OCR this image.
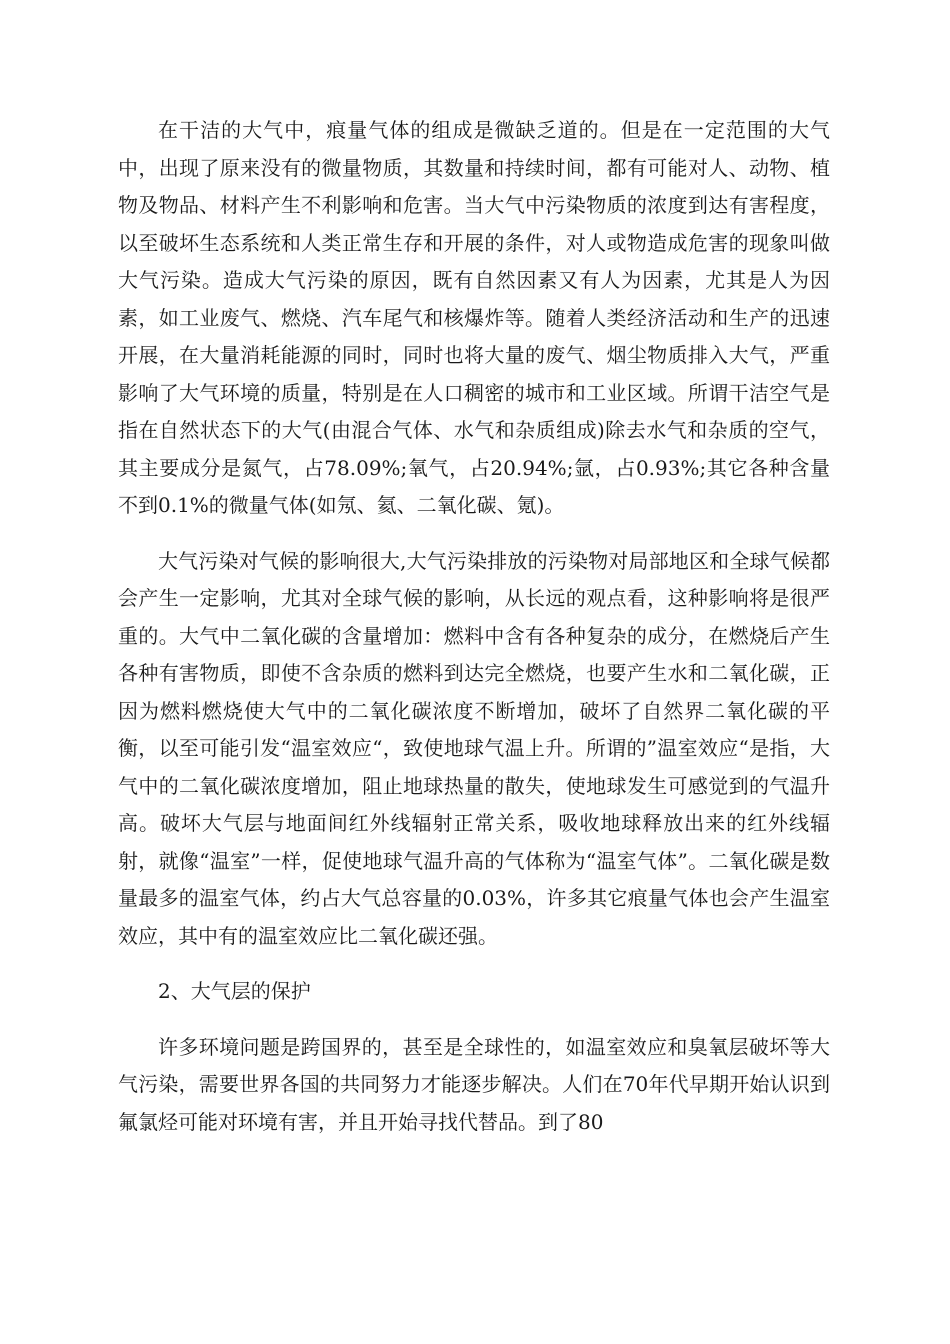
在干洁的大气中，痕量气体的组成是微缺乏道的。但是在一定范围的大气中，出现了原来没有的微量物质，其数量和持续时间，都有可能对人、动物、植物及物品、材料产生不利影响和危害。当大气中污染物质的浓度到达有害程度，以至破坏生态系统和人类正常生存和开展的条件，对人或物造成危害的现象叫做大气污染。造成大气污染的原因，既有自然因素又有人为因素，尤其是人为因素，如工业废气、燃烧、汽车尾气和核爆炸等。随着人类经济活动和生产的迅速开展，在大量消耗能源的同时，同时也将大量的废气、烟尘物质排入大气，严重影响了大气环境的质量，特别是在人口稠密的城市和工业区域。所谓干洁空气是指在自然状态下的大气(由混合气体、水气和杂质组成)除去水气和杂质的空气，其主要成分是氮气，占78.09%;氧气，占20.94%;氩，占0.93%;其它各种含量不到0.1%的微量气体(如氖、氦、二氧化碳、氪)。

大气污染对气候的影响很大,大气污染排放的污染物对局部地区和全球气候都会产生一定影响，尤其对全球气候的影响，从长远的观点看，这种影响将是很严重的。大气中二氧化碳的含量增加：燃料中含有各种复杂的成分，在燃烧后产生各种有害物质，即使不含杂质的燃料到达完全燃烧，也要产生水和二氧化碳，正因为燃料燃烧使大气中的二氧化碳浓度不断增加，破坏了自然界二氧化碳的平衡，以至可能引发“温室效应“，致使地球气温上升。所谓的”温室效应“是指，大气中的二氧化碳浓度增加，阻止地球热量的散失，使地球发生可感觉到的气温升高。破坏大气层与地面间红外线辐射正常关系，吸收地球释放出来的红外线辐射，就像“温室”一样，促使地球气温升高的气体称为“温室气体”。二氧化碳是数量最多的温室气体，约占大气总容量的0.03%，许多其它痕量气体也会产生温室效应，其中有的温室效应比二氧化碳还强。

2、大气层的保护

许多环境问题是跨国界的，甚至是全球性的，如温室效应和臭氧层破坏等大气污染，需要世界各国的共同努力才能逐步解决。人们在70年代早期开始认识到氟氯烃可能对环境有害，并且开始寻找代替品。到了80
